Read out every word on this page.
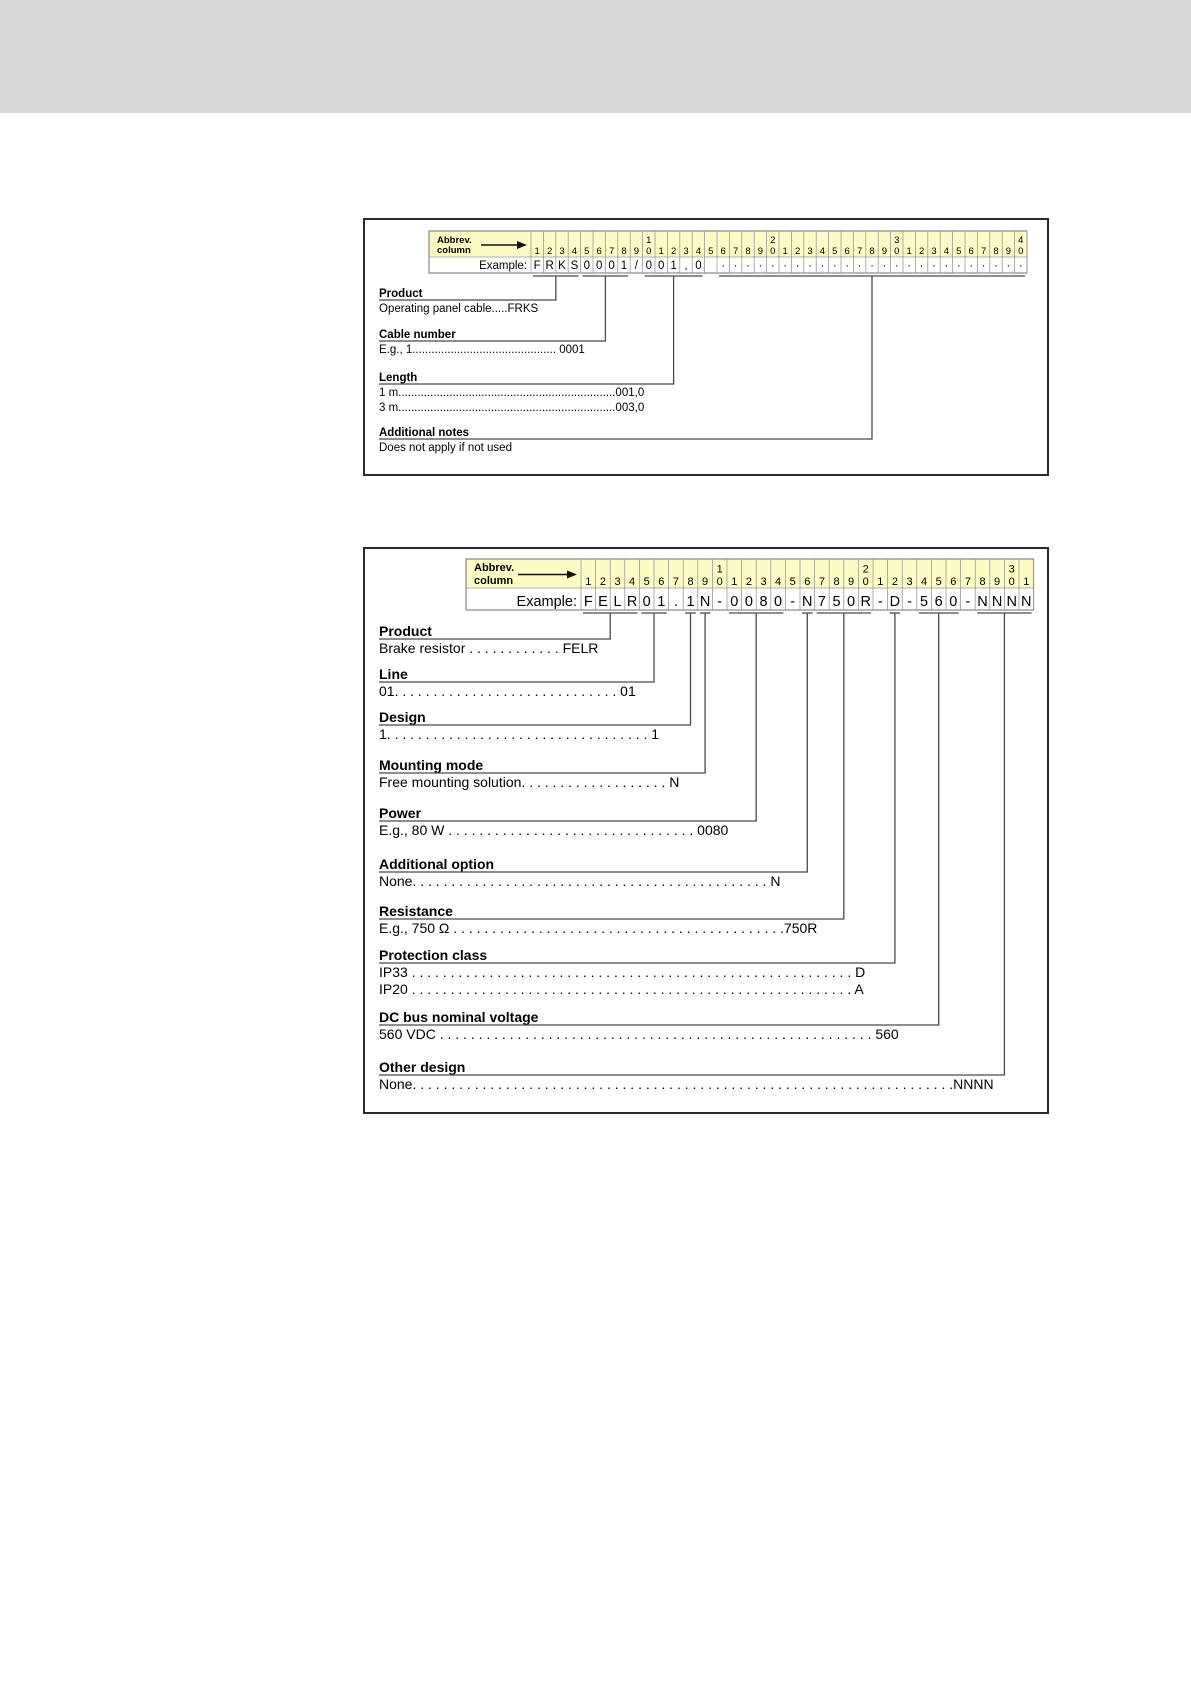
Abbrev.
column
Example:
1
F
2
R
3
K
4
S
5
0
6
0
7
0
8
1
9
/
1
0
0
1
0
2
1
3
,
4
0
5 6
·
7
·
8
·
9
·
2
0
·
1
·
2
·
3
·
4
·
5
·
6
·
7
·
8
·
9
·
3
0
·
1
·
2
·
3
·
4
·
5
·
6
·
7
·
8
·
9
·
4
0
·
Product
Operating panel cable.....FRKS
Cable number
E.g., 1............................................. 0001
Length
1 m....................................................................001,0
3 m....................................................................003,0
Additional notes
Does not apply if not used
Abbrev.
column
Example:
1
F
2
E
3
L
4
R
5
0
6
1
7
.
8
1
9
N
1
0
-
1
0
2
0
3
8
4
0
5
-
6
N
7
7
8
5
9
0
2
0
R
1
-
2
D
3
-
4
5
5
6
6
0
7
-
8
N
9
N
3
0
N
1
N
Product
Brake resistor . . . . . . . . . . . . FELR
Line
01. . . . . . . . . . . . . . . . . . . . . . . . . . . . . 01
Design
1. . . . . . . . . . . . . . . . . . . . . . . . . . . . . . . . . . 1
Mounting mode
Free mounting solution. . . . . . . . . . . . . . . . . . . N
Power
E.g., 80 W . . . . . . . . . . . . . . . . . . . . . . . . . . . . . . . . 0080
Additional option
None. . . . . . . . . . . . . . . . . . . . . . . . . . . . . . . . . . . . . . . . . . . . . . N
Resistance
E.g., 750 Ω . . . . . . . . . . . . . . . . . . . . . . . . . . . . . . . . . . . . . . . . . . .750R
Protection class
IP33 . . . . . . . . . . . . . . . . . . . . . . . . . . . . . . . . . . . . . . . . . . . . . . . . . . . . . . . . . D
IP20 . . . . . . . . . . . . . . . . . . . . . . . . . . . . . . . . . . . . . . . . . . . . . . . . . . . . . . . . . A
DC bus nominal voltage
560 VDC . . . . . . . . . . . . . . . . . . . . . . . . . . . . . . . . . . . . . . . . . . . . . . . . . . . . . . . . 560
Other design
None. . . . . . . . . . . . . . . . . . . . . . . . . . . . . . . . . . . . . . . . . . . . . . . . . . . . . . . . . . . . . . . . . . . . . .NNNN
